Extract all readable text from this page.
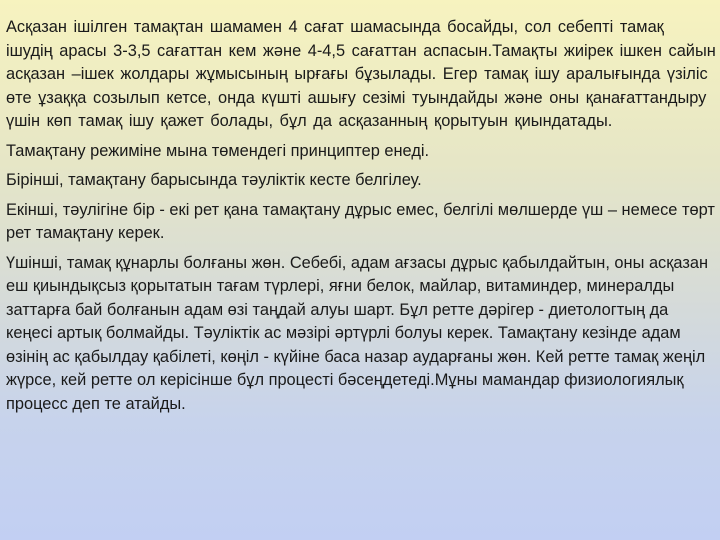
Асқазан ішілген тамақтан шамамен 4 сағат шамасында босайды, сол себепті тамақ ішудің арасы 3-3,5 сағаттан кем және 4-4,5 сағаттан аспасын.Тамақты жиірек ішкен сайын асқазан –ішек жолдары жұмысының ырғағы бұзылады. Егер тамақ ішу аралығында үзіліс өте ұзаққа созылып кетсе, онда күшті ашығу сезімі туындайды және оны қанағаттандыру үшін көп тамақ ішу қажет болады, бұл да асқазанның қорытуын қиындатады.

Тамақтану режиміне мына төмендегі принциптер енеді.

Бірінші, тамақтану барысында тәуліктік кесте белгілеу.

Екінші, тәулігіне бір - екі рет қана тамақтану дұрыс емес, белгілі мөлшерде үш – немесе төрт рет тамақтану керек.

Үшінші, тамақ құнарлы болғаны жөн. Себебі, адам ағзасы дұрыс қабылдайтын, оны асқазан еш қиындықсыз қорытатын тағам түрлері, яғни белок, майлар, витаминдер, минералды заттарға бай болғанын адам өзі таңдай алуы шарт. Бұл ретте дәрігер - диетологтың да кеңесі артық болмайды. Тәуліктік ас мәзірі әртүрлі болуы керек. Тамақтану кезінде адам өзінің ас қабылдау қабілеті, көңіл - күйіне баса назар аударғаны жөн. Кей ретте тамақ жеңіл жүрсе, кей ретте ол керісінше бұл процесті бәсеңдетеді.Мұны мамандар физиологиялық процесс деп те атайды.
